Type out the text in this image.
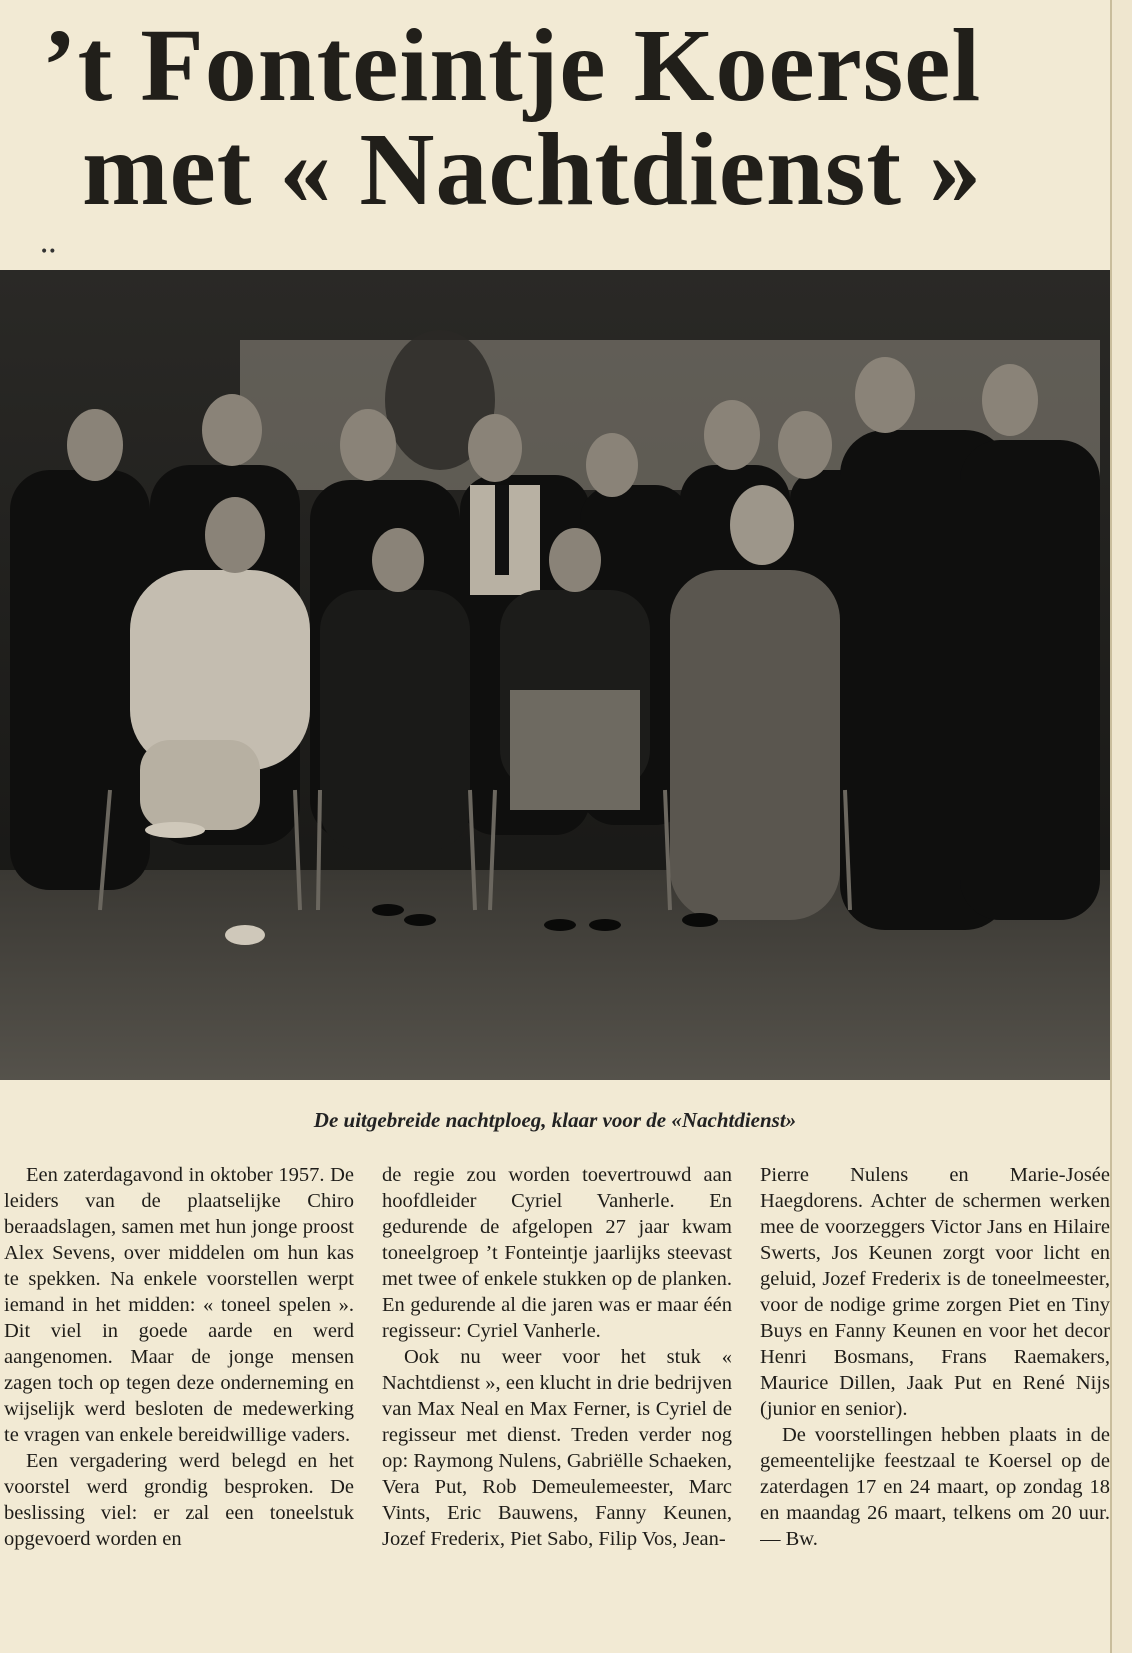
’t Fonteintje Koersel
met « Nachtdienst »
••
De uitgebreide nachtploeg, klaar voor de «Nachtdienst»

Een zaterdagavond in oktober 1957. De leiders van de plaatselijke Chiro beraadslagen, samen met hun jonge proost Alex Sevens, over middelen om hun kas te spekken. Na enkele voorstellen werpt iemand in het midden: « toneel spelen ». Dit viel in goede aarde en werd aangenomen. Maar de jonge mensen zagen toch op tegen deze onderneming en wijselijk werd besloten de medewerking te vragen van enkele bereidwillige vaders.

Een vergadering werd belegd en het voorstel werd grondig besproken. De beslissing viel: er zal een toneelstuk opgevoerd worden en

de regie zou worden toevertrouwd aan hoofdleider Cyriel Vanherle. En gedurende de afgelopen 27 jaar kwam toneelgroep ’t Fonteintje jaarlijks steevast met twee of enkele stukken op de planken. En gedurende al die jaren was er maar één regisseur: Cyriel Vanherle.

Ook nu weer voor het stuk « Nachtdienst », een klucht in drie bedrijven van Max Neal en Max Ferner, is Cyriel de regisseur met dienst. Treden verder nog op: Raymong Nulens, Gabriëlle Schaeken, Vera Put, Rob Demeulemeester, Marc Vints, Eric Bauwens, Fanny Keunen, Jozef Frederix, Piet Sabo, Filip Vos, Jean-

Pierre Nulens en Marie-Josée Haegdorens. Achter de schermen werken mee de voorzeggers Victor Jans en Hilaire Swerts, Jos Keunen zorgt voor licht en geluid, Jozef Frederix is de toneelmeester, voor de nodige grime zorgen Piet en Tiny Buys en Fanny Keunen en voor het decor Henri Bosmans, Frans Raemakers, Maurice Dillen, Jaak Put en René Nijs (junior en senior).

De voorstellingen hebben plaats in de gemeentelijke feestzaal te Koersel op de zaterdagen 17 en 24 maart, op zondag 18 en maandag 26 maart, telkens om 20 uur. — Bw.
